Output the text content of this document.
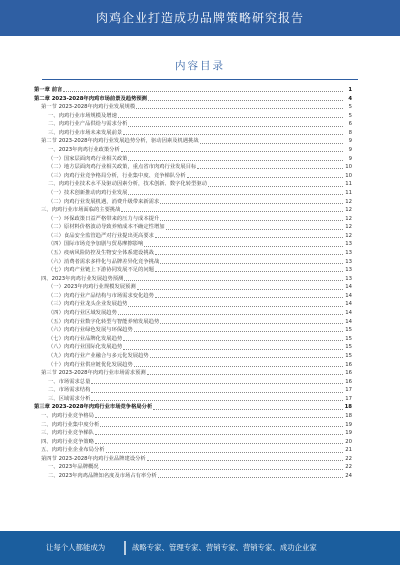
肉鸡企业打造成功品牌策略研究报告
内容目录
第一章 前言	1
第二章 2023-2028年肉鸡市场前景及趋势预测	4
第一节 2023-2028年肉鸡行业发展规模	5
一、肉鸡行业市场规模及增速	5
二、肉鸡行业产品供给与需求分析	6
三、肉鸡行业市场未来发展前景	8
第二节 2023-2028年肉鸡行业发展趋势分析，驱动因素及机遇挑战	9
一、2023年肉鸡行业政策分析	9
（一）国家层面肉鸡行业相关政策	9
（二）地方层面肉鸡行业相关政策，重点省市肉鸡行业发展目标	10
（三）肉鸡行业竞争格局分析，行业集中度、竞争梯队分析	10
二、肉鸡行业技术水平及驱动因素分析，技术创新、数字化转型驱动	11
（一）技术创新推动肉鸡行业发展	11
（二）肉鸡行业发展机遇，消费升级带来新需求	12
三、肉鸡行业市场面临的主要挑战	12
（一）环保政策日益严格带来的压力与成本提升	12
（二）原材料价格波动导致养殖成本不确定性增加	12
（三）食品安全监管趋严对行业提出更高要求	12
（四）国际市场竞争加剧与贸易摩擦影响	13
（五）疫病风险防控及生物安全体系建设挑战	13
（六）消费者需求多样化与品牌差异化竞争挑战	13
（七）肉鸡产业链上下游协同发展不足的问题	13
四、2023年肉鸡行业发展趋势预测	13
（一）2023年肉鸡行业规模发展预测	14
（二）肉鸡行业产品结构与市场需求变化趋势	14
（三）肉鸡行业龙头企业发展趋势	14
（四）肉鸡行业区域发展趋势	14
（五）肉鸡行业数字化转型与智能养殖发展趋势	14
（六）肉鸡行业绿色发展与环保趋势	15
（七）肉鸡行业品牌化发展趋势	15
（八）肉鸡行业国际化发展趋势	15
（九）肉鸡行业产业融合与多元化发展趋势	15
（十）肉鸡行业供应链优化发展趋势	16
第三节 2023-2028年肉鸡行业市场需求预测	16
一、市场需求总量	16
二、市场需求结构	17
三、区域需求分析	17
第三章 2023-2028年肉鸡行业市场竞争格局分析	18
一、肉鸡行业竞争格局	18
二、肉鸡行业集中度分析	19
三、肉鸡行业竞争梯队	19
四、肉鸡行业竞争策略	20
五、肉鸡行业企业布局分析	21
第四节 2023-2028年肉鸡行业品牌建设分析	22
一、2023年品牌概况	22
二、2023年肉鸡品牌知名度及市场占有率分析	24
让每个人都能成为	战略专家、管理专家、营销专家、营销专家、成功企业家
